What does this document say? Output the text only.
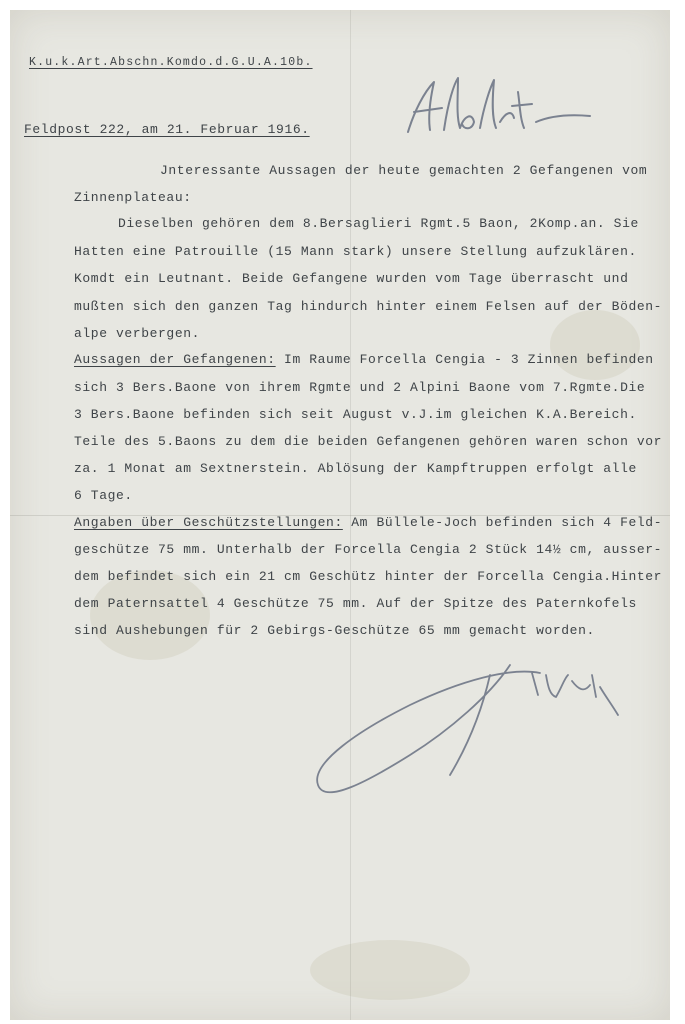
K.u.k.Art.Abschn.Komdo.d.G.U.A.10b.
Feldpost 222, am 21. Februar 1916.
Jnteressante Aussagen der heute gemachten 2 Gefangenen vom
Zinnenplateau:
Dieselben gehören dem 8.Bersaglieri Rgmt.5 Baon, 2Komp.an. Sie
Hatten eine Patrouille (15 Mann stark) unsere Stellung aufzuklären.
Komdt ein Leutnant. Beide Gefangene wurden vom Tage überrascht und
mußten sich den ganzen Tag hindurch hinter einem Felsen auf der Böden-
alpe verbergen.
Aussagen der Gefangenen: Im Raume Forcella Cengia - 3 Zinnen befinden
sich 3 Bers.Baone von ihrem Rgmte und 2 Alpini Baone vom 7.Rgmte.Die
3 Bers.Baone befinden sich seit August v.J.im gleichen K.A.Bereich.
Teile des 5.Baons zu dem die beiden Gefangenen gehören waren schon vor
za. 1 Monat am Sextnerstein. Ablösung der Kampftruppen erfolgt alle
6 Tage.
Angaben über Geschützstellungen: Am Büllele-Joch befinden sich 4 Feld-
geschütze 75 mm. Unterhalb der Forcella Cengia 2 Stück 14½ cm, ausser-
dem befindet sich ein 21 cm Geschütz hinter der Forcella Cengia.Hinter
dem Paternsattel 4 Geschütze 75 mm. Auf der Spitze des Paternkofels
sind Aushebungen für 2 Gebirgs-Geschütze 65 mm gemacht worden.
